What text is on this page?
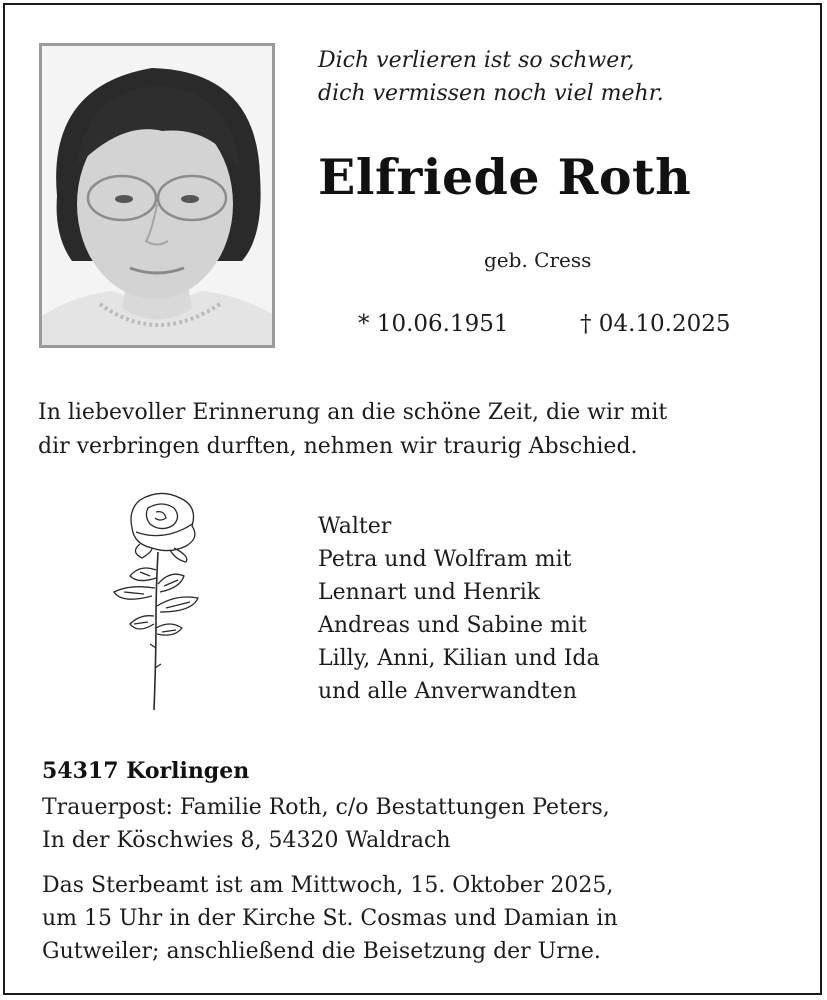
Dich verlieren ist so schwer,
dich vermissen noch viel mehr.
Elfriede Roth
geb. Cress
* 10.06.1951	† 04.10.2025
In liebevoller Erinnerung an die schöne Zeit, die wir mit
dir verbringen durften, nehmen wir traurig Abschied.
Walter
Petra und Wolfram mit
Lennart und Henrik
Andreas und Sabine mit
Lilly, Anni, Kilian und Ida
und alle Anverwandten
54317 Korlingen
Trauerpost: Familie Roth, c/o Bestattungen Peters,
In der Köschwies 8, 54320 Waldrach
Das Sterbeamt ist am Mittwoch, 15. Oktober 2025,
um 15 Uhr in der Kirche St. Cosmas und Damian in
Gutweiler; anschließend die Beisetzung der Urne.
